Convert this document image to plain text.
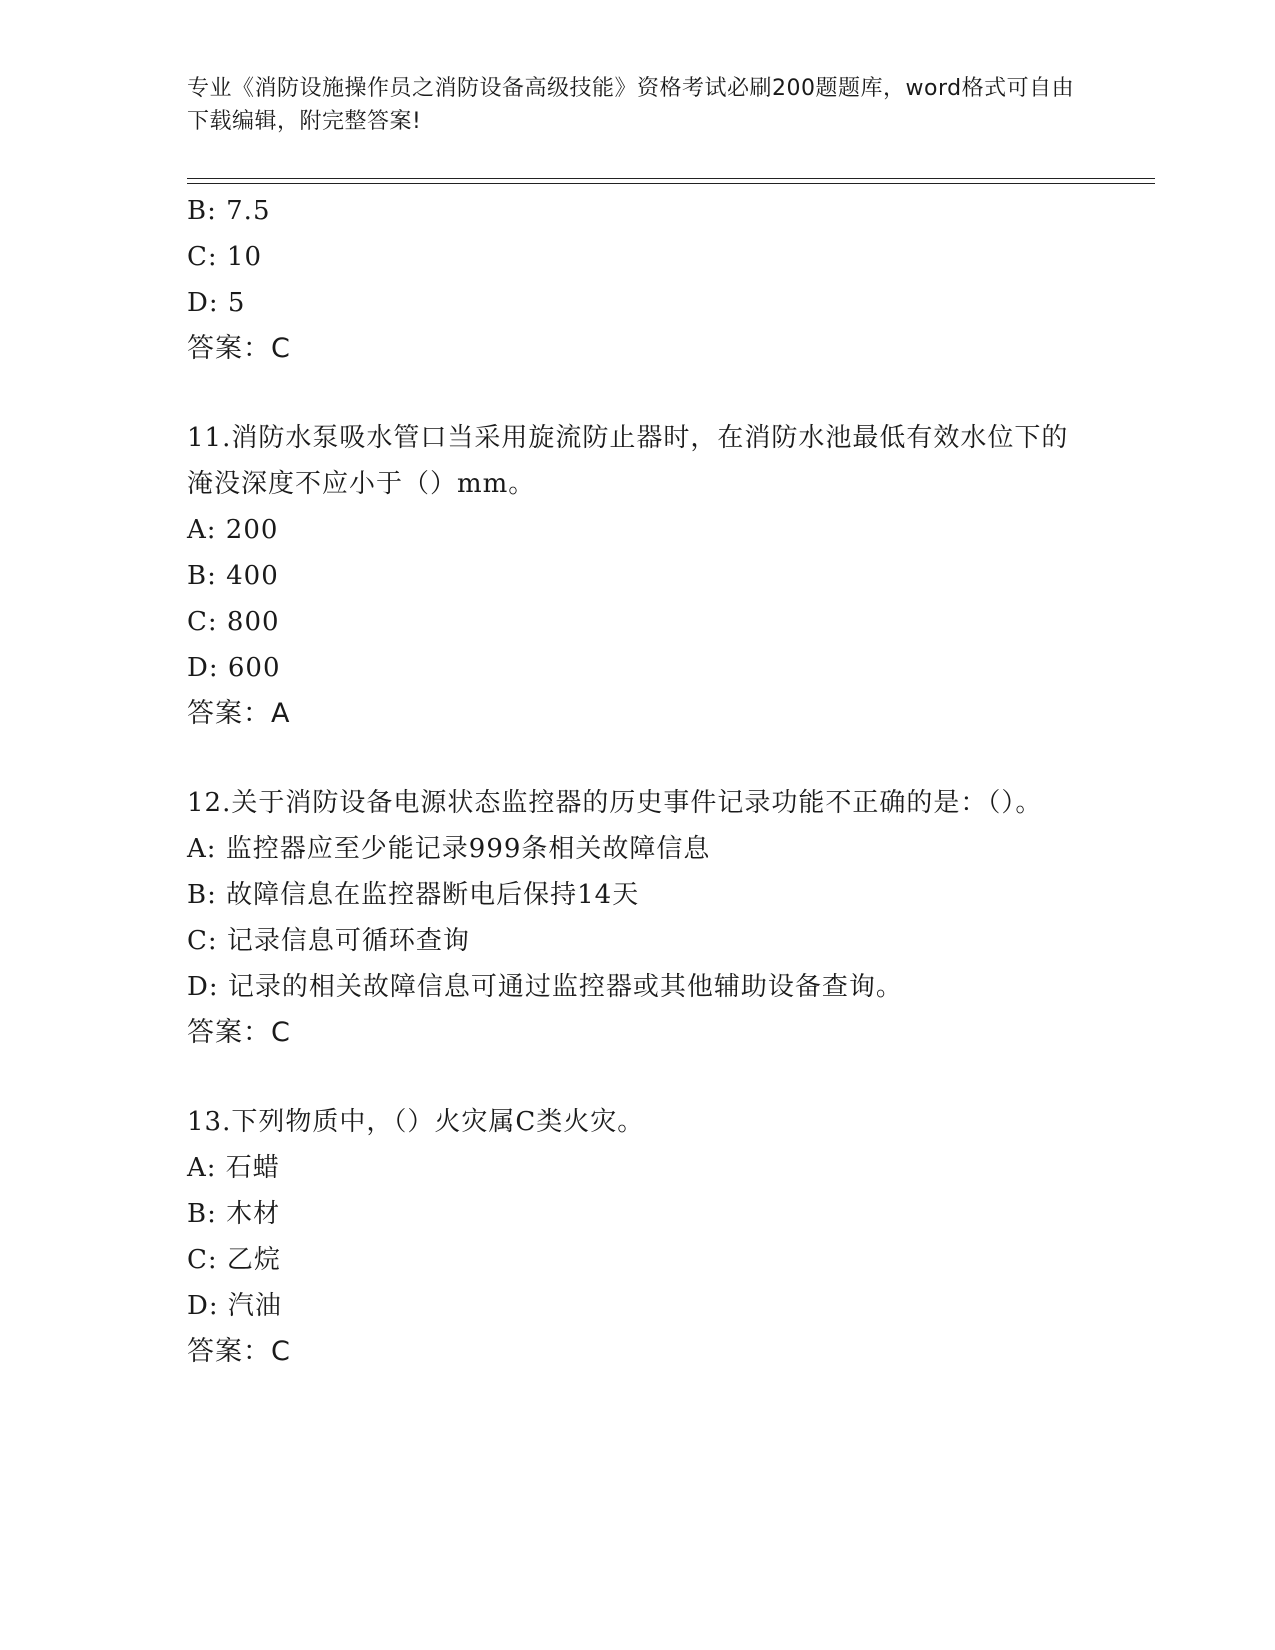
专业《消防设施操作员之消防设备高级技能》资格考试必刷200题题库，word格式可自由下载编辑，附完整答案!
B: 7.5
C: 10
D: 5
答案：C
11.消防水泵吸水管口当采用旋流防止器时，在消防水池最低有效水位下的淹没深度不应小于（）mm。
A: 200
B: 400
C: 800
D: 600
答案：A
12.关于消防设备电源状态监控器的历史事件记录功能不正确的是：（）。
A: 监控器应至少能记录999条相关故障信息
B: 故障信息在监控器断电后保持14天
C: 记录信息可循环查询
D: 记录的相关故障信息可通过监控器或其他辅助设备查询。
答案：C
13.下列物质中，（）火灾属C类火灾。
A: 石蜡
B: 木材
C: 乙烷
D: 汽油
答案：C
